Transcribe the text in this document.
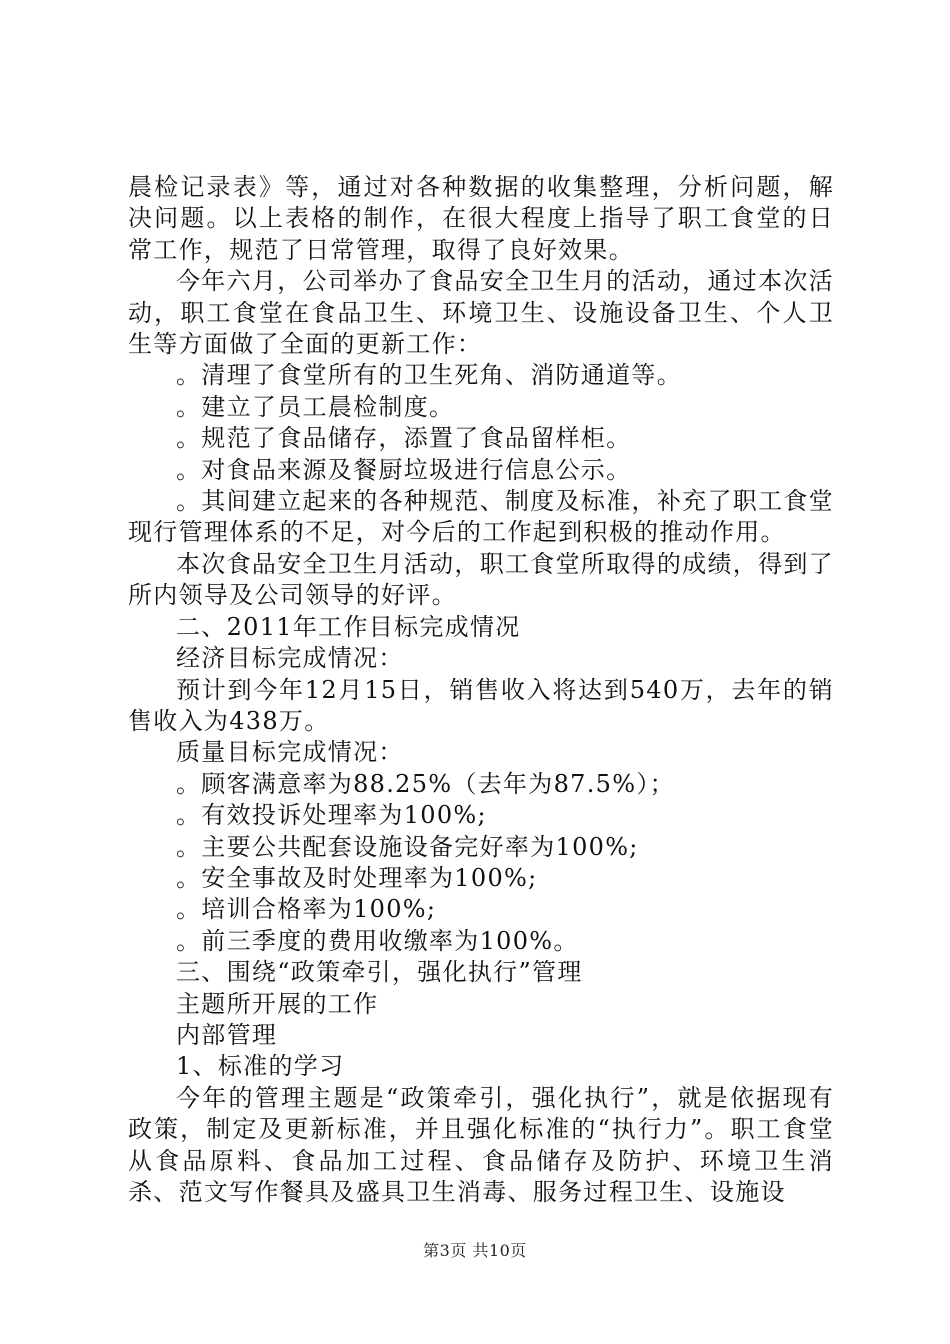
晨检记录表》等，通过对各种数据的收集整理，分析问题，解决问题。以上表格的制作，在很大程度上指导了职工食堂的日常工作，规范了日常管理，取得了良好效果。

今年六月，公司举办了食品安全卫生月的活动，通过本次活动，职工食堂在食品卫生、环境卫生、设施设备卫生、个人卫生等方面做了全面的更新工作：

。清理了食堂所有的卫生死角、消防通道等。

。建立了员工晨检制度。

。规范了食品储存，添置了食品留样柜。

。对食品来源及餐厨垃圾进行信息公示。

。其间建立起来的各种规范、制度及标准，补充了职工食堂现行管理体系的不足，对今后的工作起到积极的推动作用。

本次食品安全卫生月活动，职工食堂所取得的成绩，得到了所内领导及公司领导的好评。

二、2011年工作目标完成情况

经济目标完成情况：

预计到今年12月15日，销售收入将达到540万，去年的销售收入为438万。

质量目标完成情况：

。顾客满意率为88.25%（去年为87.5%）；

。有效投诉处理率为100%;

。主要公共配套设施设备完好率为100%;

。安全事故及时处理率为100%;

。培训合格率为100%;

。前三季度的费用收缴率为100%。

三、围绕“政策牵引，强化执行”管理

主题所开展的工作

内部管理

1、标准的学习

今年的管理主题是“政策牵引，强化执行”，就是依据现有政策，制定及更新标准，并且强化标准的“执行力”。职工食堂从食品原料、食品加工过程、食品储存及防护、环境卫生消杀、范文写作餐具及盛具卫生消毒、服务过程卫生、设施设

第3页 共10页
